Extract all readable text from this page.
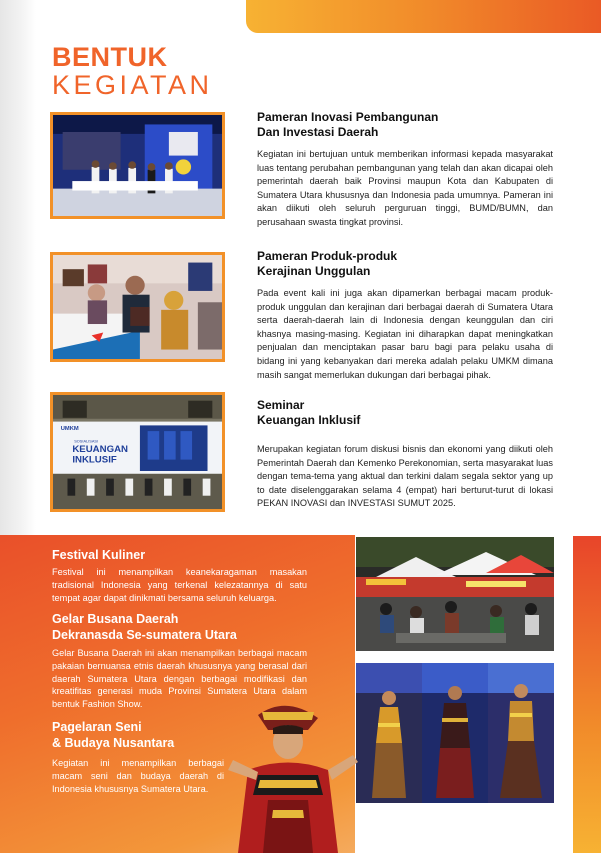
BENTUK
KEGIATAN
UMKM
SOSIALISASI
KEUANGAN
INKLUSIF
Pameran Inovasi Pembangunan
Dan Investasi Daerah
Kegiatan ini bertujuan untuk memberikan informasi kepada masyarakat luas tentang perubahan pembangunan yang telah dan akan dicapai oleh pemerintah daerah baik Provinsi maupun Kota dan Kabupaten di Sumatera Utara khususnya dan Indonesia pada umumnya. Pameran ini akan diikuti oleh seluruh perguruan tinggi, BUMD/BUMN, dan perusahaan swasta tingkat provinsi.
Pameran Produk-produk
Kerajinan Unggulan
Pada event kali ini juga akan dipamerkan berbagai macam produk-produk unggulan dan kerajinan dari berbagai daerah di Sumatera Utara serta daerah-daerah lain di Indonesia dengan keunggulan dan ciri khasnya masing-masing. Kegiatan ini diharapkan dapat meningkatkan penjualan dan menciptakan pasar baru bagi para pelaku usaha di bidang ini yang kebanyakan dari mereka adalah pelaku UMKM dimana masih sangat memerlukan dukungan dari berbagai pihak.
Seminar
Keuangan Inklusif
Merupakan kegiatan forum diskusi bisnis dan ekonomi yang diikuti oleh Pemerintah Daerah dan Kemenko Perekonomian, serta masyarakat luas dengan tema-tema yang aktual dan terkini dalam segala sektor yang up to date diselenggarakan selama 4 (empat) hari berturut-turut di lokasi PEKAN INOVASI dan INVESTASI SUMUT 2025.
Festival Kuliner
Festival ini menampilkan keanekaragaman masakan tradisional Indonesia yang terkenal kelezatannya di satu tempat agar dapat dinikmati bersama seluruh keluarga.
Gelar Busana Daerah
Dekranasda Se-sumatera Utara
Gelar Busana Daerah ini akan menampilkan berbagai macam pakaian bernuansa etnis daerah khususnya yang berasal dari daerah Sumatera Utara dengan berbagai modifikasi dan kreatifitas generasi muda Provinsi Sumatera Utara dalam bentuk Fashion Show.
Pagelaran Seni
& Budaya Nusantara
Kegiatan ini menampilkan berbagai macam seni dan budaya daerah di Indonesia khususnya Sumatera Utara.
